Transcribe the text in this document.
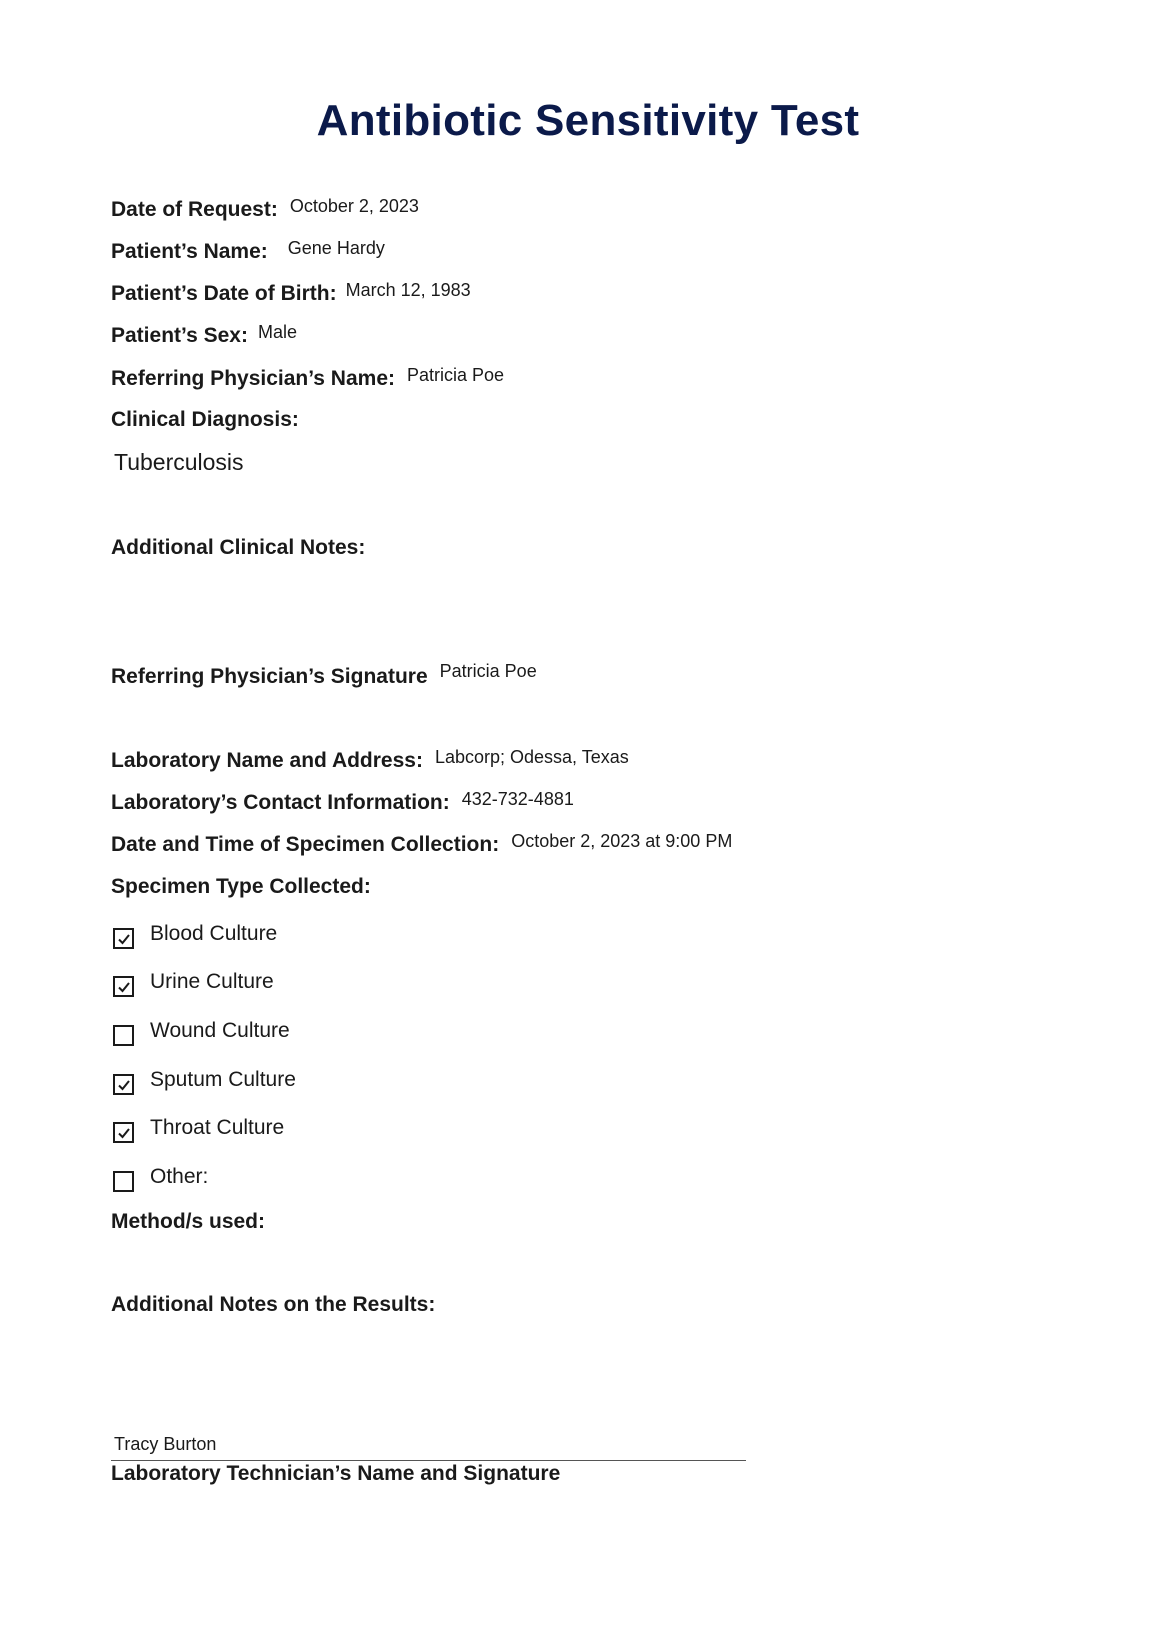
Antibiotic Sensitivity Test
Date of Request: October 2, 2023
Patient’s Name: Gene Hardy
Patient’s Date of Birth: March 12, 1983
Patient’s Sex: Male
Referring Physician’s Name: Patricia Poe
Clinical Diagnosis:
Tuberculosis
Additional Clinical Notes:
Referring Physician’s Signature Patricia Poe
Laboratory Name and Address: Labcorp; Odessa, Texas
Laboratory’s Contact Information: 432-732-4881
Date and Time of Specimen Collection: October 2, 2023 at 9:00 PM
Specimen Type Collected:
Blood Culture
Urine Culture
Wound Culture
Sputum Culture
Throat Culture
Other:
Method/s used:
Additional Notes on the Results:
Tracy Burton
Laboratory Technician’s Name and Signature
